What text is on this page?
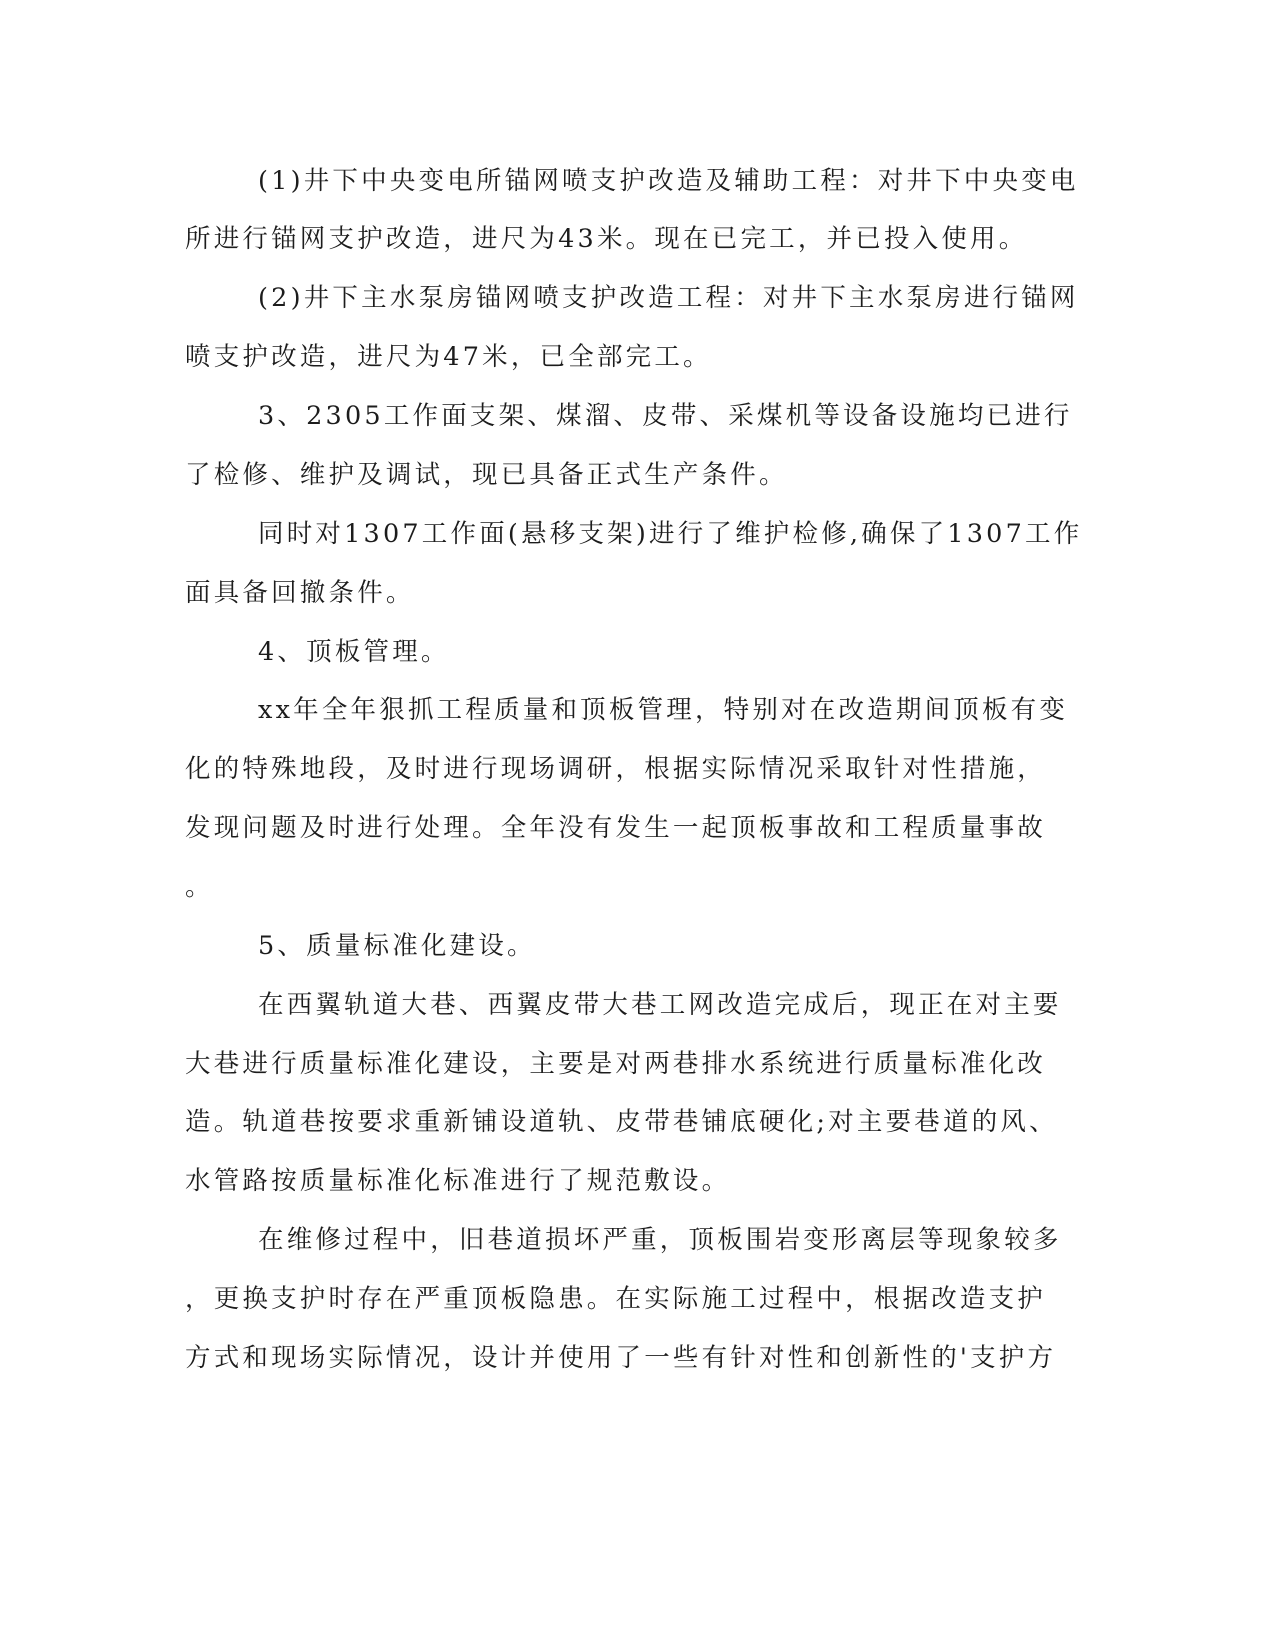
(1)井下中央变电所锚网喷支护改造及辅助工程：对井下中央变电
所进行锚网支护改造，进尺为43米。现在已完工，并已投入使用。
(2)井下主水泵房锚网喷支护改造工程：对井下主水泵房进行锚网
喷支护改造，进尺为47米，已全部完工。
3、2305工作面支架、煤溜、皮带、采煤机等设备设施均已进行
了检修、维护及调试，现已具备正式生产条件。
同时对1307工作面(悬移支架)进行了维护检修,确保了1307工作
面具备回撤条件。
4、顶板管理。
xx年全年狠抓工程质量和顶板管理，特别对在改造期间顶板有变
化的特殊地段，及时进行现场调研，根据实际情况采取针对性措施，
发现问题及时进行处理。全年没有发生一起顶板事故和工程质量事故
。
5、质量标准化建设。
在西翼轨道大巷、西翼皮带大巷工网改造完成后，现正在对主要
大巷进行质量标准化建设，主要是对两巷排水系统进行质量标准化改
造。轨道巷按要求重新铺设道轨、皮带巷铺底硬化;对主要巷道的风、
水管路按质量标准化标准进行了规范敷设。
在维修过程中，旧巷道损坏严重，顶板围岩变形离层等现象较多
，更换支护时存在严重顶板隐患。在实际施工过程中，根据改造支护
方式和现场实际情况，设计并使用了一些有针对性和创新性的'支护方
